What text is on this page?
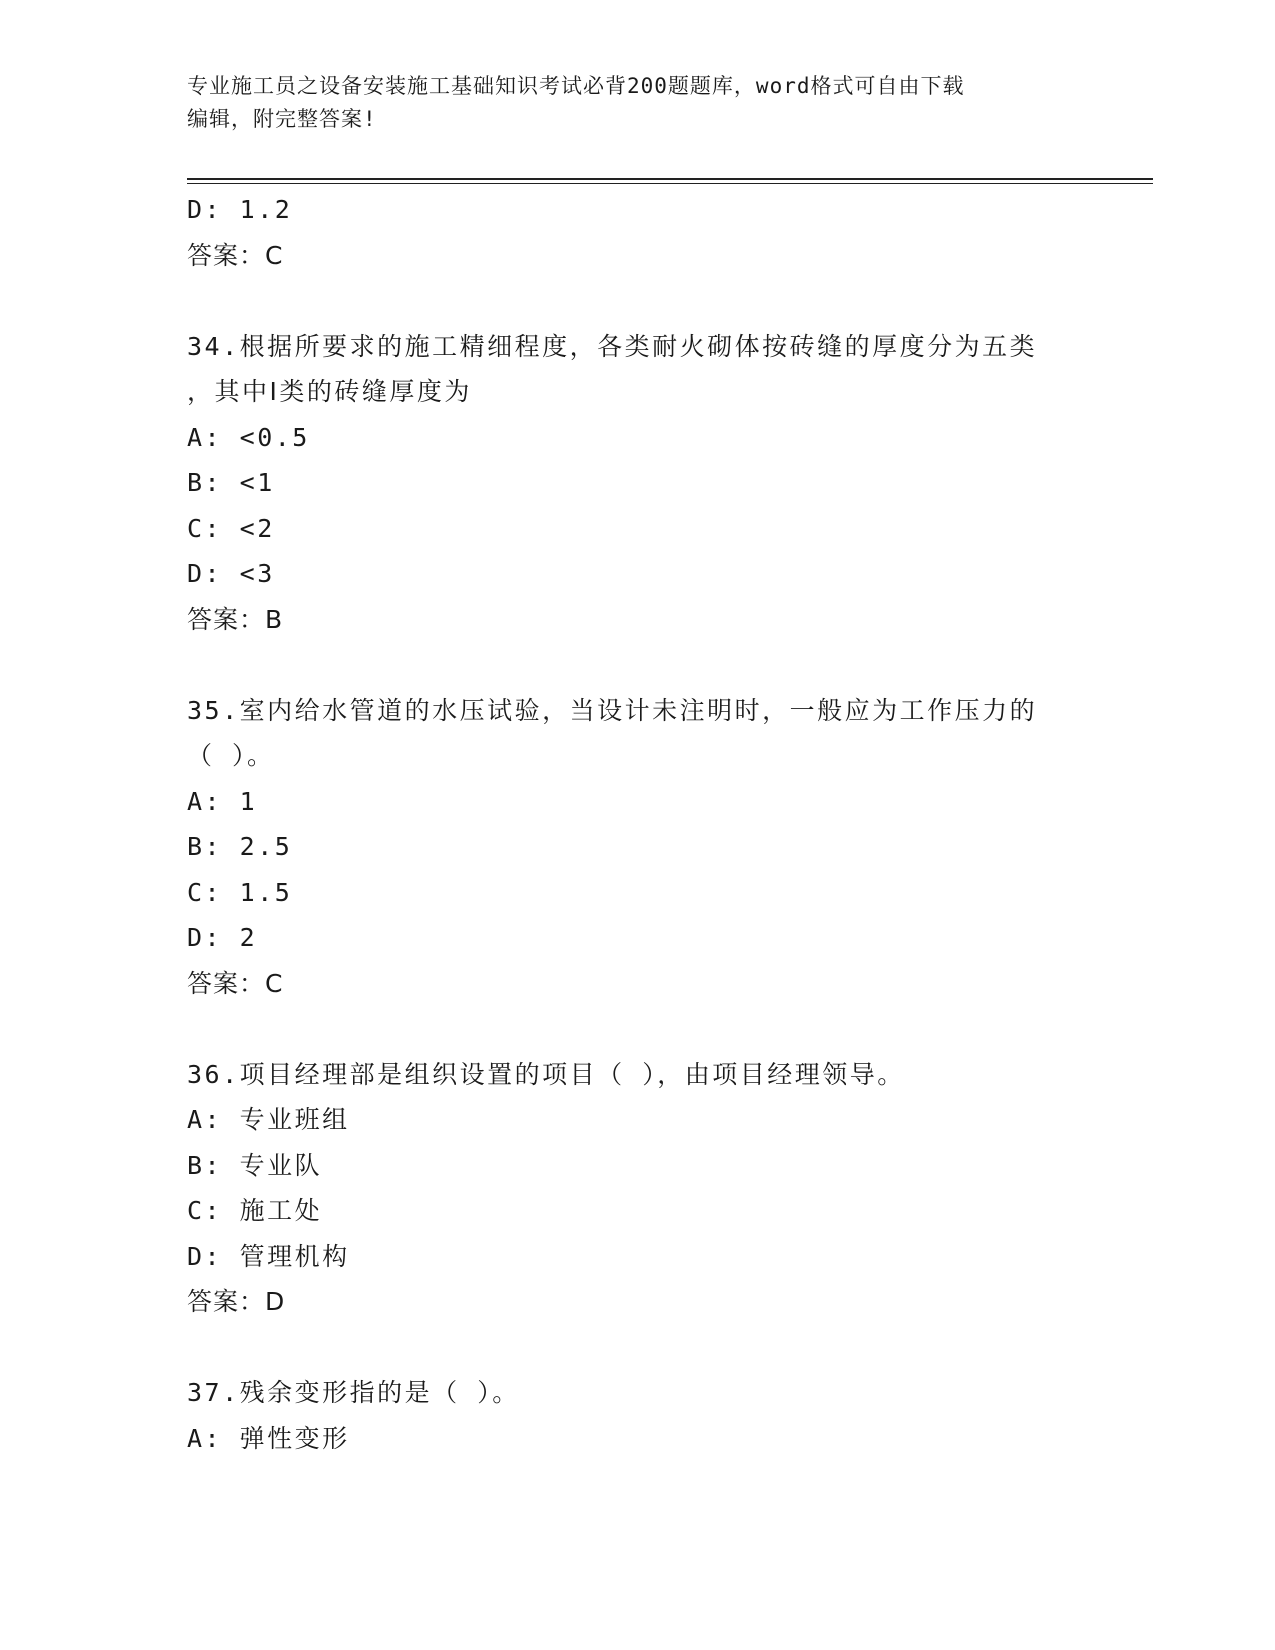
专业施工员之设备安装施工基础知识考试必背200题题库，word格式可自由下载
编辑，附完整答案!
D: 1.2
答案：C
34.根据所要求的施工精细程度，各类耐火砌体按砖缝的厚度分为五类
，其中Ⅰ类的砖缝厚度为
A: <0.5
B: <1
C: <2
D: <3
答案：B
35.室内给水管道的水压试验，当设计未注明时，一般应为工作压力的
（ ）。
A: 1
B: 2.5
C: 1.5
D: 2
答案：C
36.项目经理部是组织设置的项目（ ），由项目经理领导。
A: 专业班组
B: 专业队
C: 施工处
D: 管理机构
答案：D
37.残余变形指的是（ ）。
A: 弹性变形
